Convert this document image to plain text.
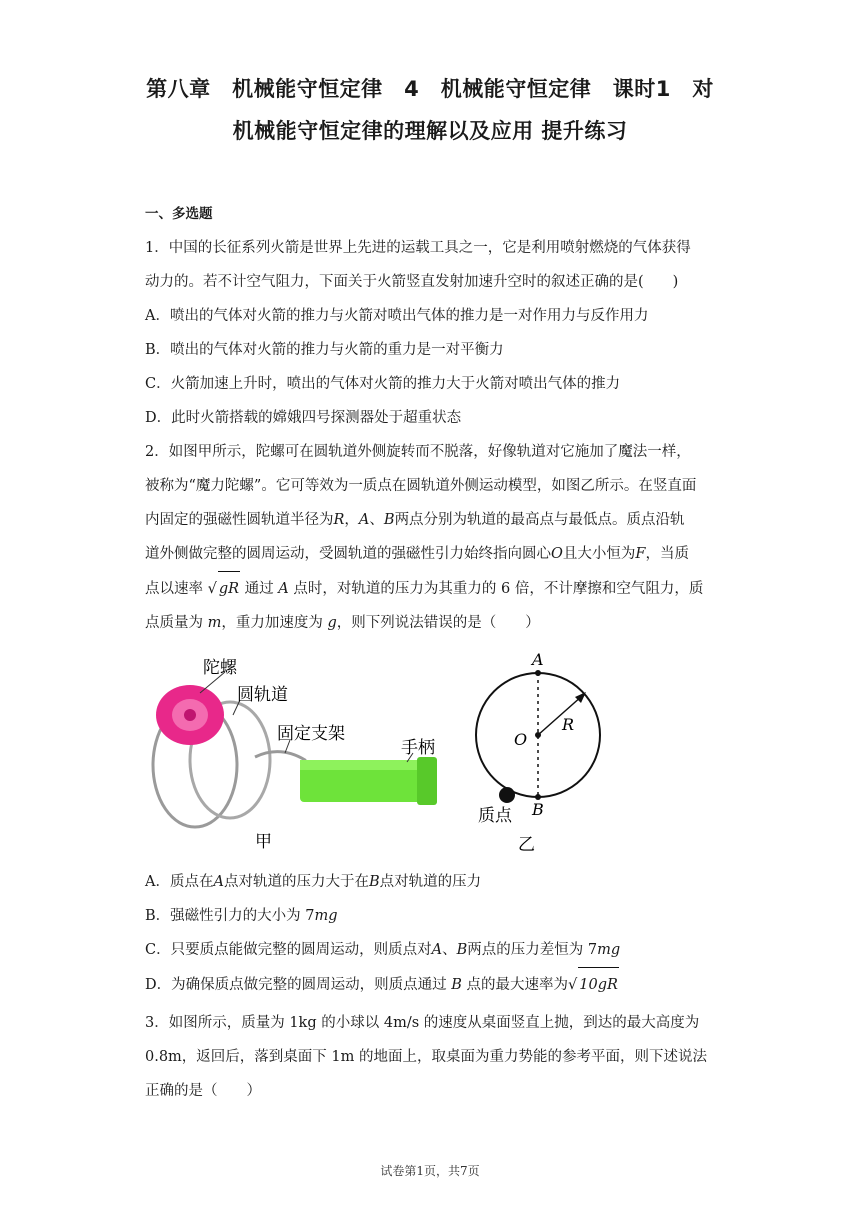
第八章　机械能守恒定律　4　机械能守恒定律　课时1　对
机械能守恒定律的理解以及应用 提升练习
一、多选题
1．中国的长征系列火箭是世界上先进的运载工具之一，它是利用喷射燃烧的气体获得
动力的。若不计空气阻力，下面关于火箭竖直发射加速升空时的叙述正确的是(　　)
A．喷出的气体对火箭的推力与火箭对喷出气体的推力是一对作用力与反作用力
B．喷出的气体对火箭的推力与火箭的重力是一对平衡力
C．火箭加速上升时，喷出的气体对火箭的推力大于火箭对喷出气体的推力
D．此时火箭搭载的嫦娥四号探测器处于超重状态
2．如图甲所示，陀螺可在圆轨道外侧旋转而不脱落，好像轨道对它施加了魔法一样，
被称为“魔力陀螺”。它可等效为一质点在圆轨道外侧运动模型，如图乙所示。在竖直面
内固定的强磁性圆轨道半径为R，A、B两点分别为轨道的最高点与最低点。质点沿轨
道外侧做完整的圆周运动，受圆轨道的强磁性引力始终指向圆心O且大小恒为F，当质
点以速率 √ gR 通过 A 点时，对轨道的压力为其重力的 6 倍，不计摩擦和空气阻力，质
点质量为 m，重力加速度为 g，则下列说法错误的是（　　）
陀螺
圆轨道
固定支架
手柄
甲
A
O
R
B
质点
乙
A．质点在A点对轨道的压力大于在B点对轨道的压力
B．强磁性引力的大小为 7mg
C．只要质点能做完整的圆周运动，则质点对A、B两点的压力差恒为 7mg
D．为确保质点做完整的圆周运动，则质点通过 B 点的最大速率为√ 10gR
3．如图所示，质量为 1kg 的小球以 4m/s 的速度从桌面竖直上抛，到达的最大高度为
0.8m，返回后，落到桌面下 1m 的地面上，取桌面为重力势能的参考平面，则下述说法
正确的是（　　）
试卷第1页，共7页
